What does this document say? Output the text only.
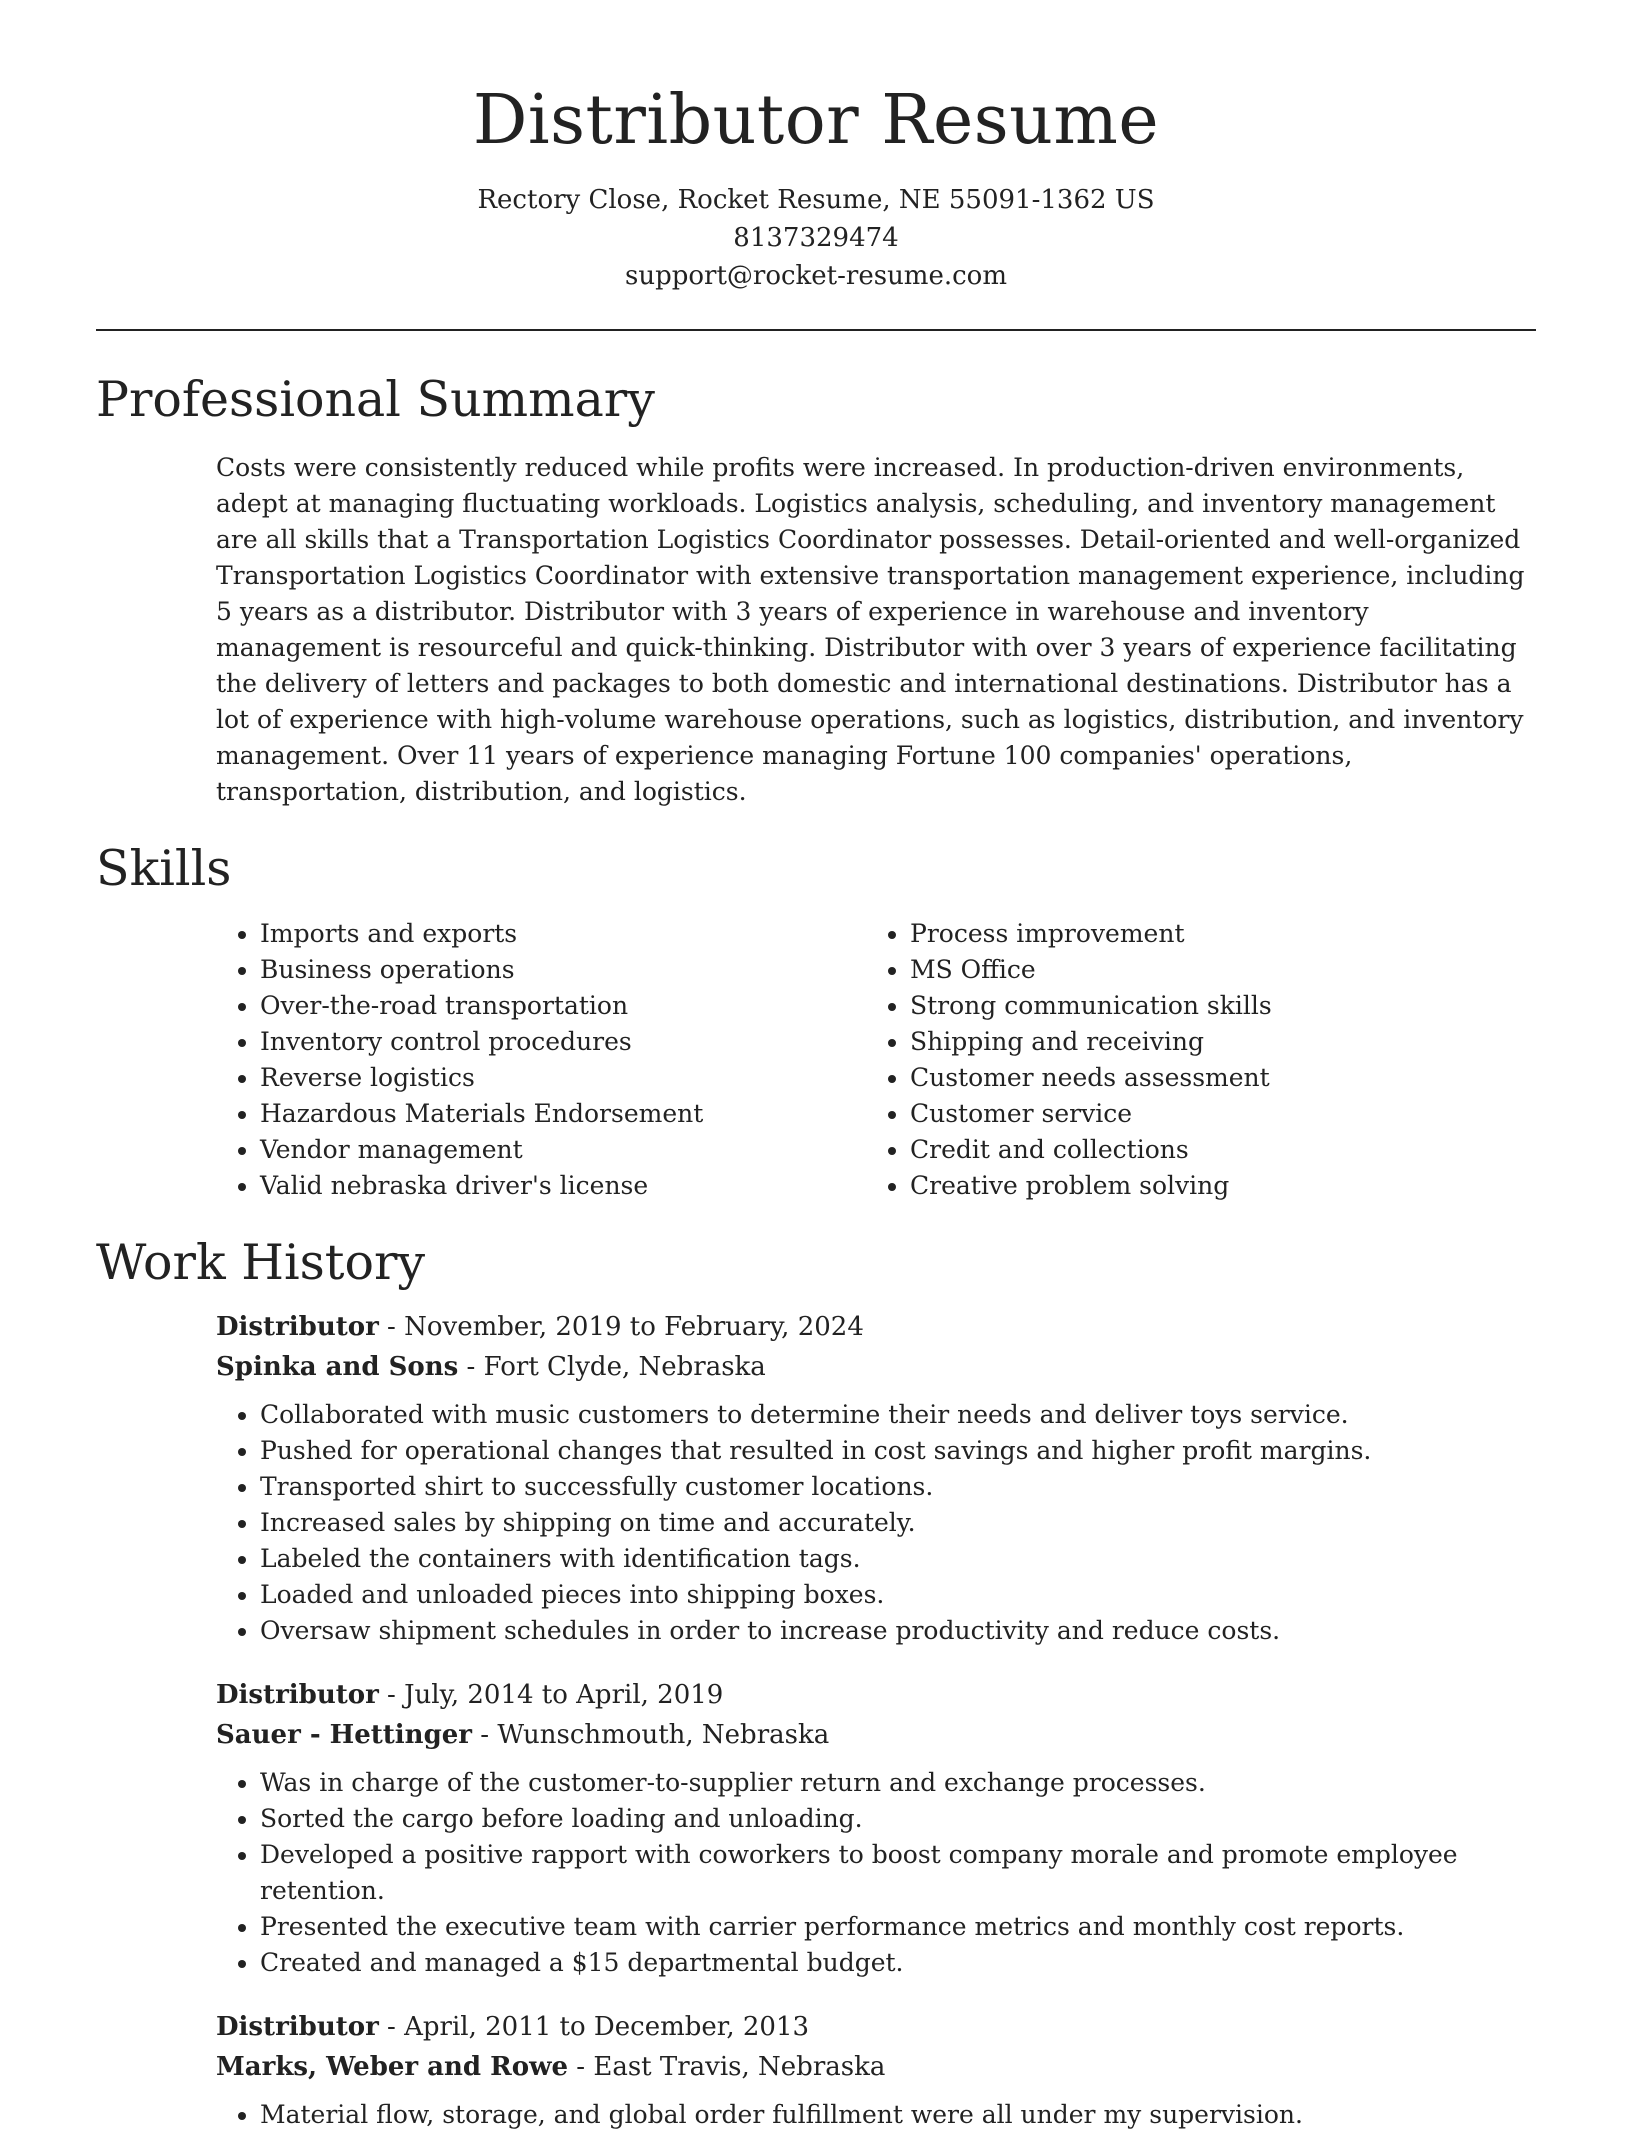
Distributor Resume
Rectory Close, Rocket Resume, NE 55091-1362 US
8137329474
support@rocket-resume.com
Professional Summary

Costs were consistently reduced while profits were increased. In production-driven environments, adept at managing fluctuating workloads. Logistics analysis, scheduling, and inventory management are all skills that a Transportation Logistics Coordinator possesses. Detail-oriented and well-organized Transportation Logistics Coordinator with extensive transportation management experience, including 5 years as a distributor. Distributor with 3 years of experience in warehouse and inventory management is resourceful and quick-thinking. Distributor with over 3 years of experience facilitating the delivery of letters and packages to both domestic and international destinations. Distributor has a lot of experience with high-volume warehouse operations, such as logistics, distribution, and inventory management. Over 11 years of experience managing Fortune 100 companies' operations, transportation, distribution, and logistics.

Skills
• Imports and exports
• Business operations
• Over-the-road transportation
• Inventory control procedures
• Reverse logistics
• Hazardous Materials Endorsement
• Vendor management
• Valid nebraska driver's license
• Process improvement
• MS Office
• Strong communication skills
• Shipping and receiving
• Customer needs assessment
• Customer service
• Credit and collections
• Creative problem solving
Work History
Distributor - November, 2019 to February, 2024
Spinka and Sons - Fort Clyde, Nebraska
• Collaborated with music customers to determine their needs and deliver toys service.
• Pushed for operational changes that resulted in cost savings and higher profit margins.
• Transported shirt to successfully customer locations.
• Increased sales by shipping on time and accurately.
• Labeled the containers with identification tags.
• Loaded and unloaded pieces into shipping boxes.
• Oversaw shipment schedules in order to increase productivity and reduce costs.
Distributor - July, 2014 to April, 2019
Sauer - Hettinger - Wunschmouth, Nebraska
• Was in charge of the customer-to-supplier return and exchange processes.
• Sorted the cargo before loading and unloading.
• Developed a positive rapport with coworkers to boost company morale and promote employee retention.
• Presented the executive team with carrier performance metrics and monthly cost reports.
• Created and managed a $15 departmental budget.
Distributor - April, 2011 to December, 2013
Marks, Weber and Rowe - East Travis, Nebraska
• Material flow, storage, and global order fulfillment were all under my supervision.
